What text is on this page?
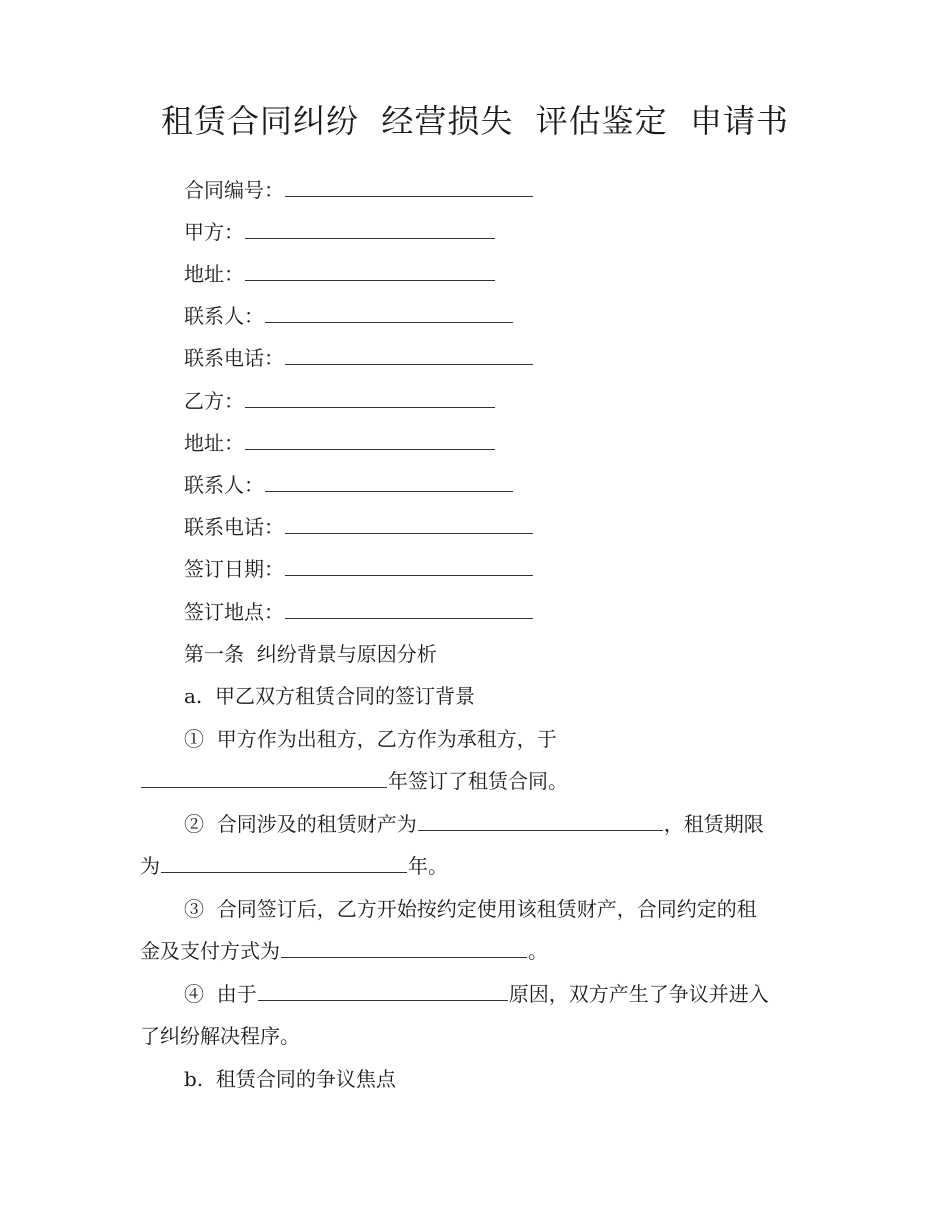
租赁合同纠纷  经营损失  评估鉴定  申请书
合同编号：
甲方：
地址：
联系人：
联系电话：
乙方：
地址：
联系人：
联系电话：
签订日期：
签订地点：
第一条  纠纷背景与原因分析
a.  甲乙双方租赁合同的签订背景
①  甲方作为出租方，乙方作为承租方，于
年签订了租赁合同。
②  合同涉及的租赁财产为	，租赁期限
为	年。
③  合同签订后，乙方开始按约定使用该租赁财产，合同约定的租
金及支付方式为	。
④  由于	原因，双方产生了争议并进入
了纠纷解决程序。
b.  租赁合同的争议焦点
